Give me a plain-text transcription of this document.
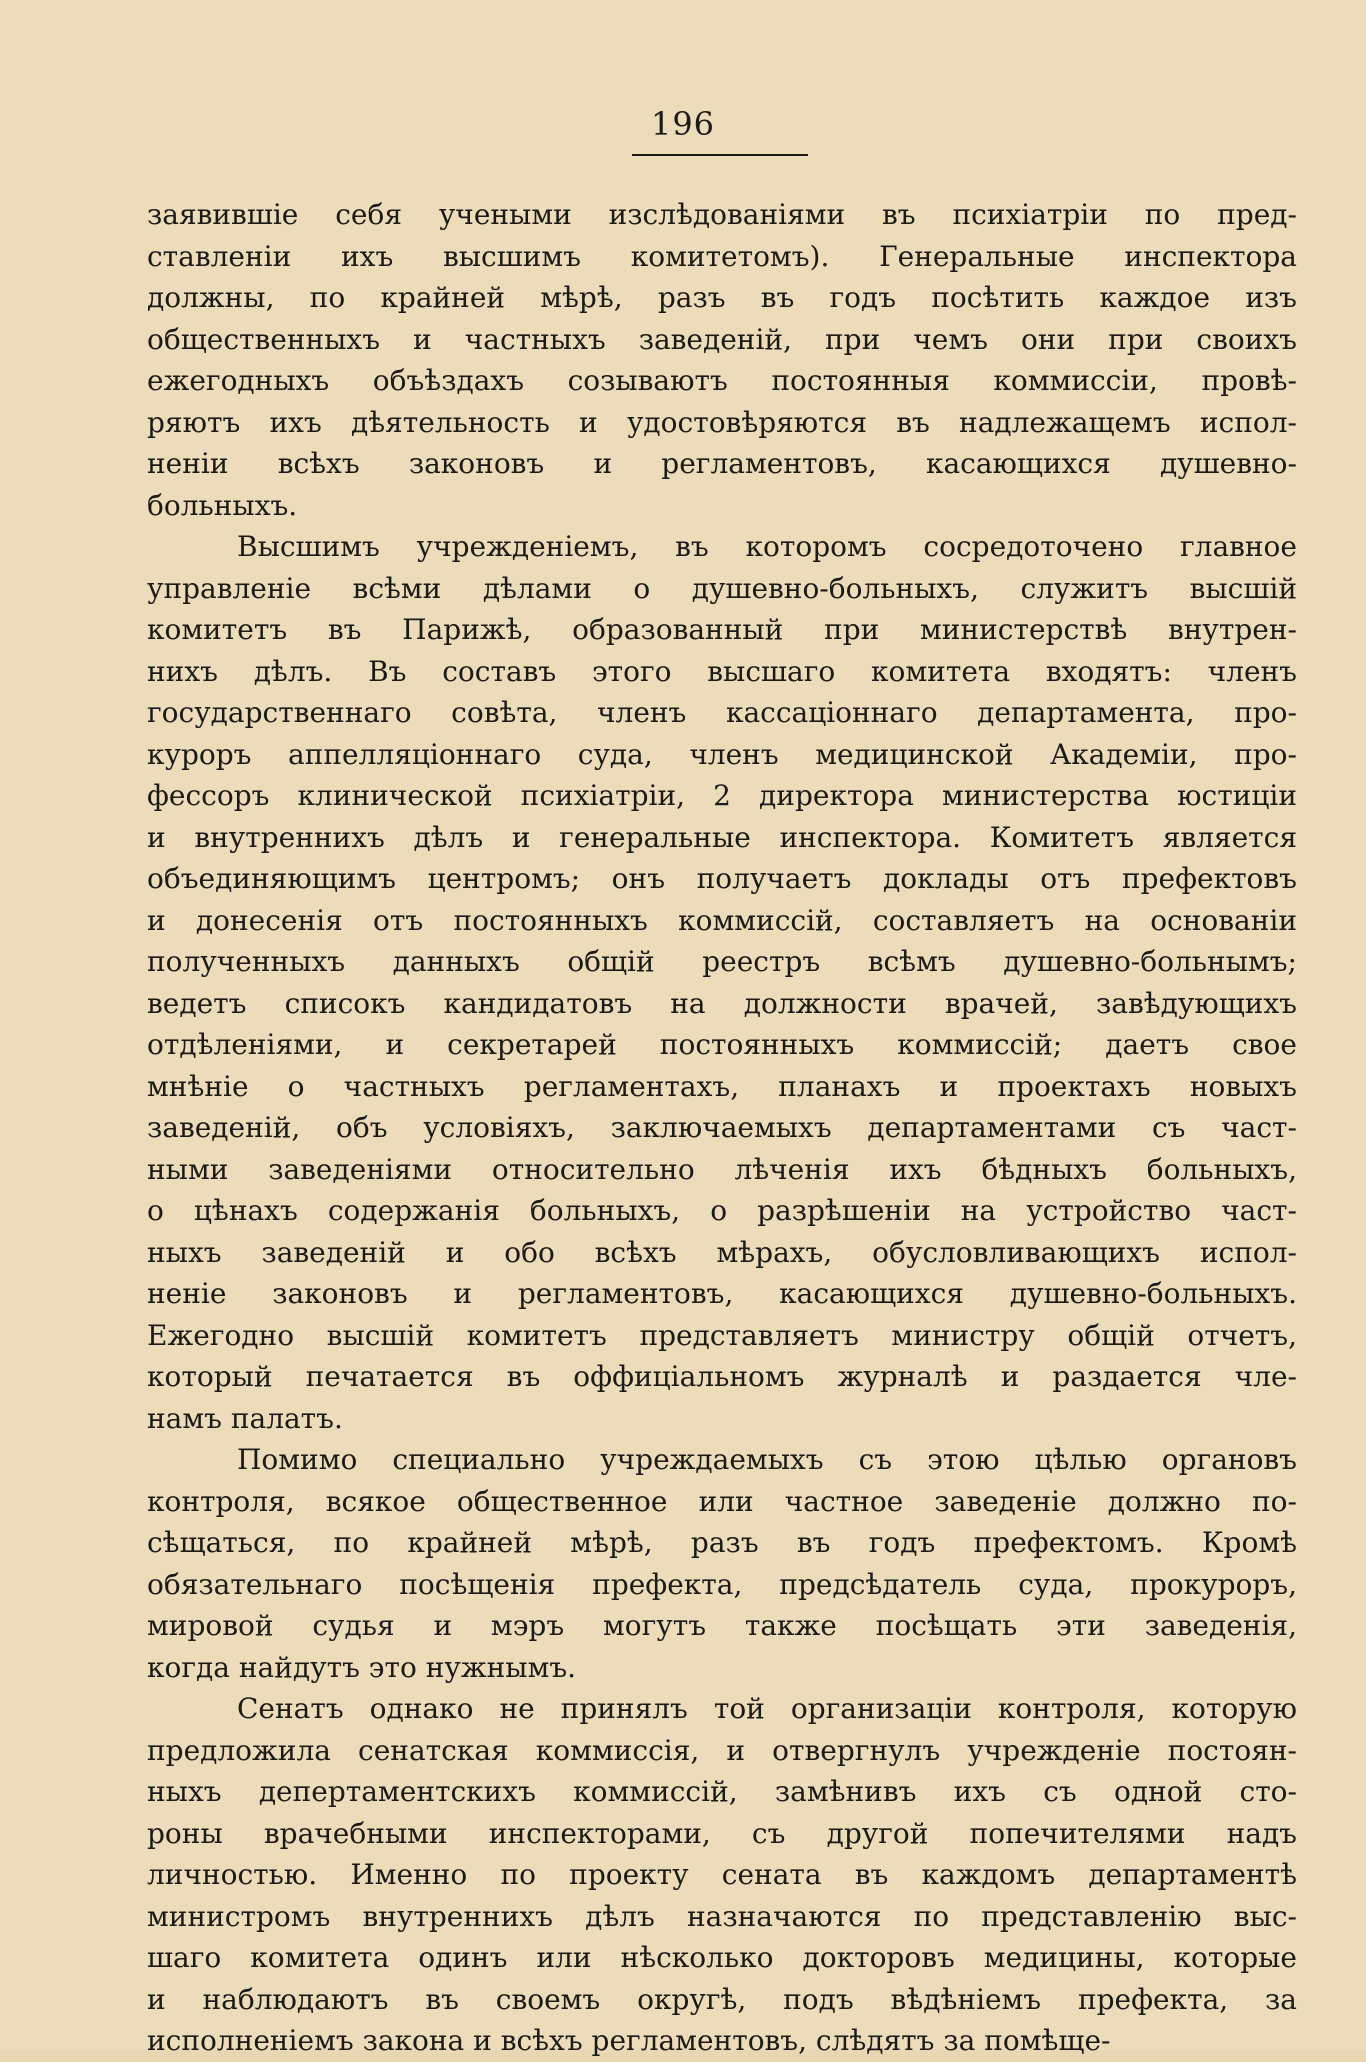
196
заявившіе себя учеными изслѣдованіями въ психіатріи по пред-
ставленіи ихъ высшимъ комитетомъ). Генеральные инспектора
должны, по крайней мѣрѣ, разъ въ годъ посѣтить каждое изъ
общественныхъ и частныхъ заведеній, при чемъ они при своихъ
ежегодныхъ объѣздахъ созываютъ постоянныя коммиссіи, провѣ-
ряютъ ихъ дѣятельность и удостовѣряются въ надлежащемъ испол-
неніи всѣхъ законовъ и регламентовъ, касающихся душевно-
больныхъ.
Высшимъ учрежденіемъ, въ которомъ сосредоточено главное
управленіе всѣми дѣлами о душевно-больныхъ, служитъ высшій
комитетъ въ Парижѣ, образованный при министерствѣ внутрен-
нихъ дѣлъ. Въ составъ этого высшаго комитета входятъ: членъ
государственнаго совѣта, членъ кассаціоннаго департамента, про-
куроръ аппелляціоннаго суда, членъ медицинской Академіи, про-
фессоръ клинической психіатріи, 2 директора министерства юстиціи
и внутреннихъ дѣлъ и генеральные инспектора. Комитетъ является
объединяющимъ центромъ; онъ получаетъ доклады отъ префектовъ
и донесенія отъ постоянныхъ коммиссій, составляетъ на основаніи
полученныхъ данныхъ общій реестръ всѣмъ душевно-больнымъ;
ведетъ списокъ кандидатовъ на должности врачей, завѣдующихъ
отдѣленіями, и секретарей постоянныхъ коммиссій; даетъ свое
мнѣніе о частныхъ регламентахъ, планахъ и проектахъ новыхъ
заведеній, объ условіяхъ, заключаемыхъ департаментами съ част-
ными заведеніями относительно лѣченія ихъ бѣдныхъ больныхъ,
о цѣнахъ содержанія больныхъ, о разрѣшеніи на устройство част-
ныхъ заведеній и обо всѣхъ мѣрахъ, обусловливающихъ испол-
неніе законовъ и регламентовъ, касающихся душевно-больныхъ.
Ежегодно высшій комитетъ представляетъ министру общій отчетъ,
который печатается въ оффиціальномъ журналѣ и раздается чле-
намъ палатъ.
Помимо специально учреждаемыхъ съ этою цѣлью органовъ
контроля, всякое общественное или частное заведеніе должно по-
сѣщаться, по крайней мѣрѣ, разъ въ годъ префектомъ. Кромѣ
обязательнаго посѣщенія префекта, предсѣдатель суда, прокуроръ,
мировой судья и мэръ могутъ также посѣщать эти заведенія,
когда найдутъ это нужнымъ.
Сенатъ однако не принялъ той организаціи контроля, которую
предложила сенатская коммиссія, и отвергнулъ учрежденіе постоян-
ныхъ депертаментскихъ коммиссій, замѣнивъ ихъ съ одной сто-
роны врачебными инспекторами, съ другой попечителями надъ
личностью. Именно по проекту сената въ каждомъ департаментѣ
министромъ внутреннихъ дѣлъ назначаются по представленію выс-
шаго комитета одинъ или нѣсколько докторовъ медицины, которые
и наблюдаютъ въ своемъ округѣ, подъ вѣдѣніемъ префекта, за
исполненіемъ закона и всѣхъ регламентовъ, слѣдятъ за помѣще-
